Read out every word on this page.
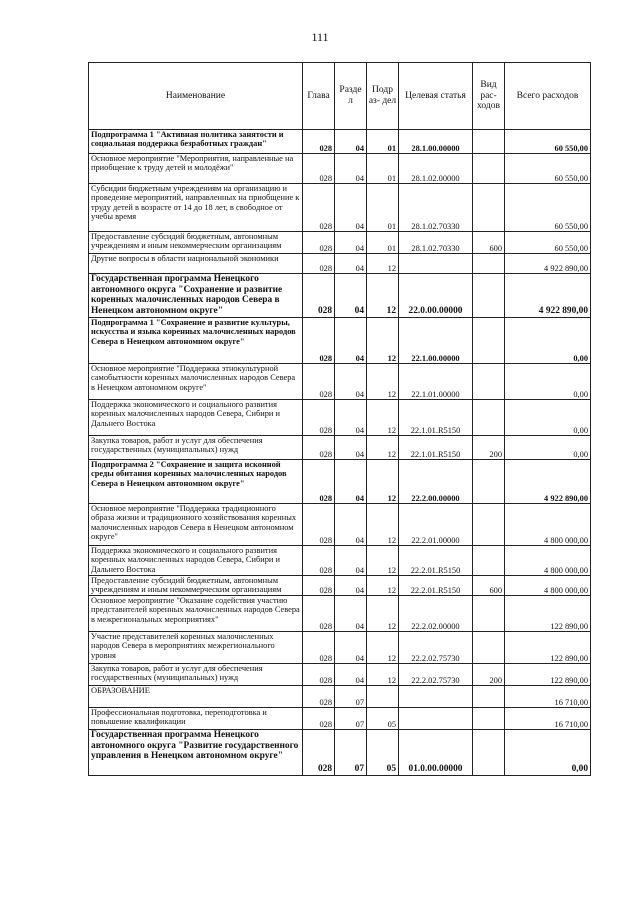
111
Наименование	Глава	Разде л	Подр аз- дел	Целевая статья	Вид рас- ходов	Всего расходов
Подпрограмма 1 "Активная политика занятости и социальная поддержка безработных граждан"	028	04	01	28.1.00.00000		60 550,00
Основное мероприятие "Мероприятия, направленные на приобщение к труду детей и молодёжи"	028	04	01	28.1.02.00000		60 550,00
Субсидии бюджетным учреждениям на организацию и проведение мероприятий, направленных на приобщение к труду детей в возрасте от 14 до 18 лет, в свободное от учебы время	028	04	01	28.1.02.70330		60 550,00
Предоставление субсидий бюджетным, автономным учреждениям и иным некоммерческим организациям	028	04	01	28.1.02.70330	600	60 550,00
Другие вопросы в области национальной экономики	028	04	12			4 922 890,00
Государственная программа Ненецкого автономного округа "Сохранение и развитие коренных малочисленных народов Севера в Ненецком автономном округе"	028	04	12	22.0.00.00000		4 922 890,00
Подпрограмма 1 "Сохранение и развитие культуры, искусства и языка коренных малочисленных народов Севера в Ненецком автономном округе"	028	04	12	22.1.00.00000		0,00
Основное мероприятие "Поддержка этнокультурной самобытности коренных малочисленных народов Севера в Ненецком автономном округе"	028	04	12	22.1.01.00000		0,00
Поддержка экономического и социального развития коренных малочисленных народов Севера, Сибири и Дальнего Востока	028	04	12	22.1.01.R5150		0,00
Закупка товаров, работ и услуг для обеспечения государственных (муниципальных) нужд	028	04	12	22.1.01.R5150	200	0,00
Подпрограмма 2 "Сохранение и защита исконной среды обитания коренных малочисленных народов Севера в Ненецком автономном округе"	028	04	12	22.2.00.00000		4 922 890,00
Основное мероприятие "Поддержка традиционного образа жизни и традиционного хозяйствования коренных малочисленных народов Севера в Ненецком автономном округе"	028	04	12	22.2.01.00000		4 800 000,00
Поддержка экономического и социального развития коренных малочисленных народов Севера, Сибири и Дальнего Востока	028	04	12	22.2.01.R5150		4 800 000,00
Предоставление субсидий бюджетным, автономным учреждениям и иным некоммерческим организациям	028	04	12	22.2.01.R5150	600	4 800 000,00
Основное мероприятие "Оказание содействия участию представителей коренных малочисленных народов Севера в межрегиональных мероприятиях"	028	04	12	22.2.02.00000		122 890,00
Участие представителей коренных малочисленных народов Севера в мероприятиях межрегионального уровня	028	04	12	22.2.02.75730		122 890,00
Закупка товаров, работ и услуг для обеспечения государственных (муниципальных) нужд	028	04	12	22.2.02.75730	200	122 890,00
ОБРАЗОВАНИЕ	028	07				16 710,00
Профессиональная подготовка, переподготовка и повышение квалификации	028	07	05			16 710,00
Государственная программа Ненецкого автономного округа "Развитие государственного управления в Ненецком автономном округе"	028	07	05	01.0.00.00000		0,00
